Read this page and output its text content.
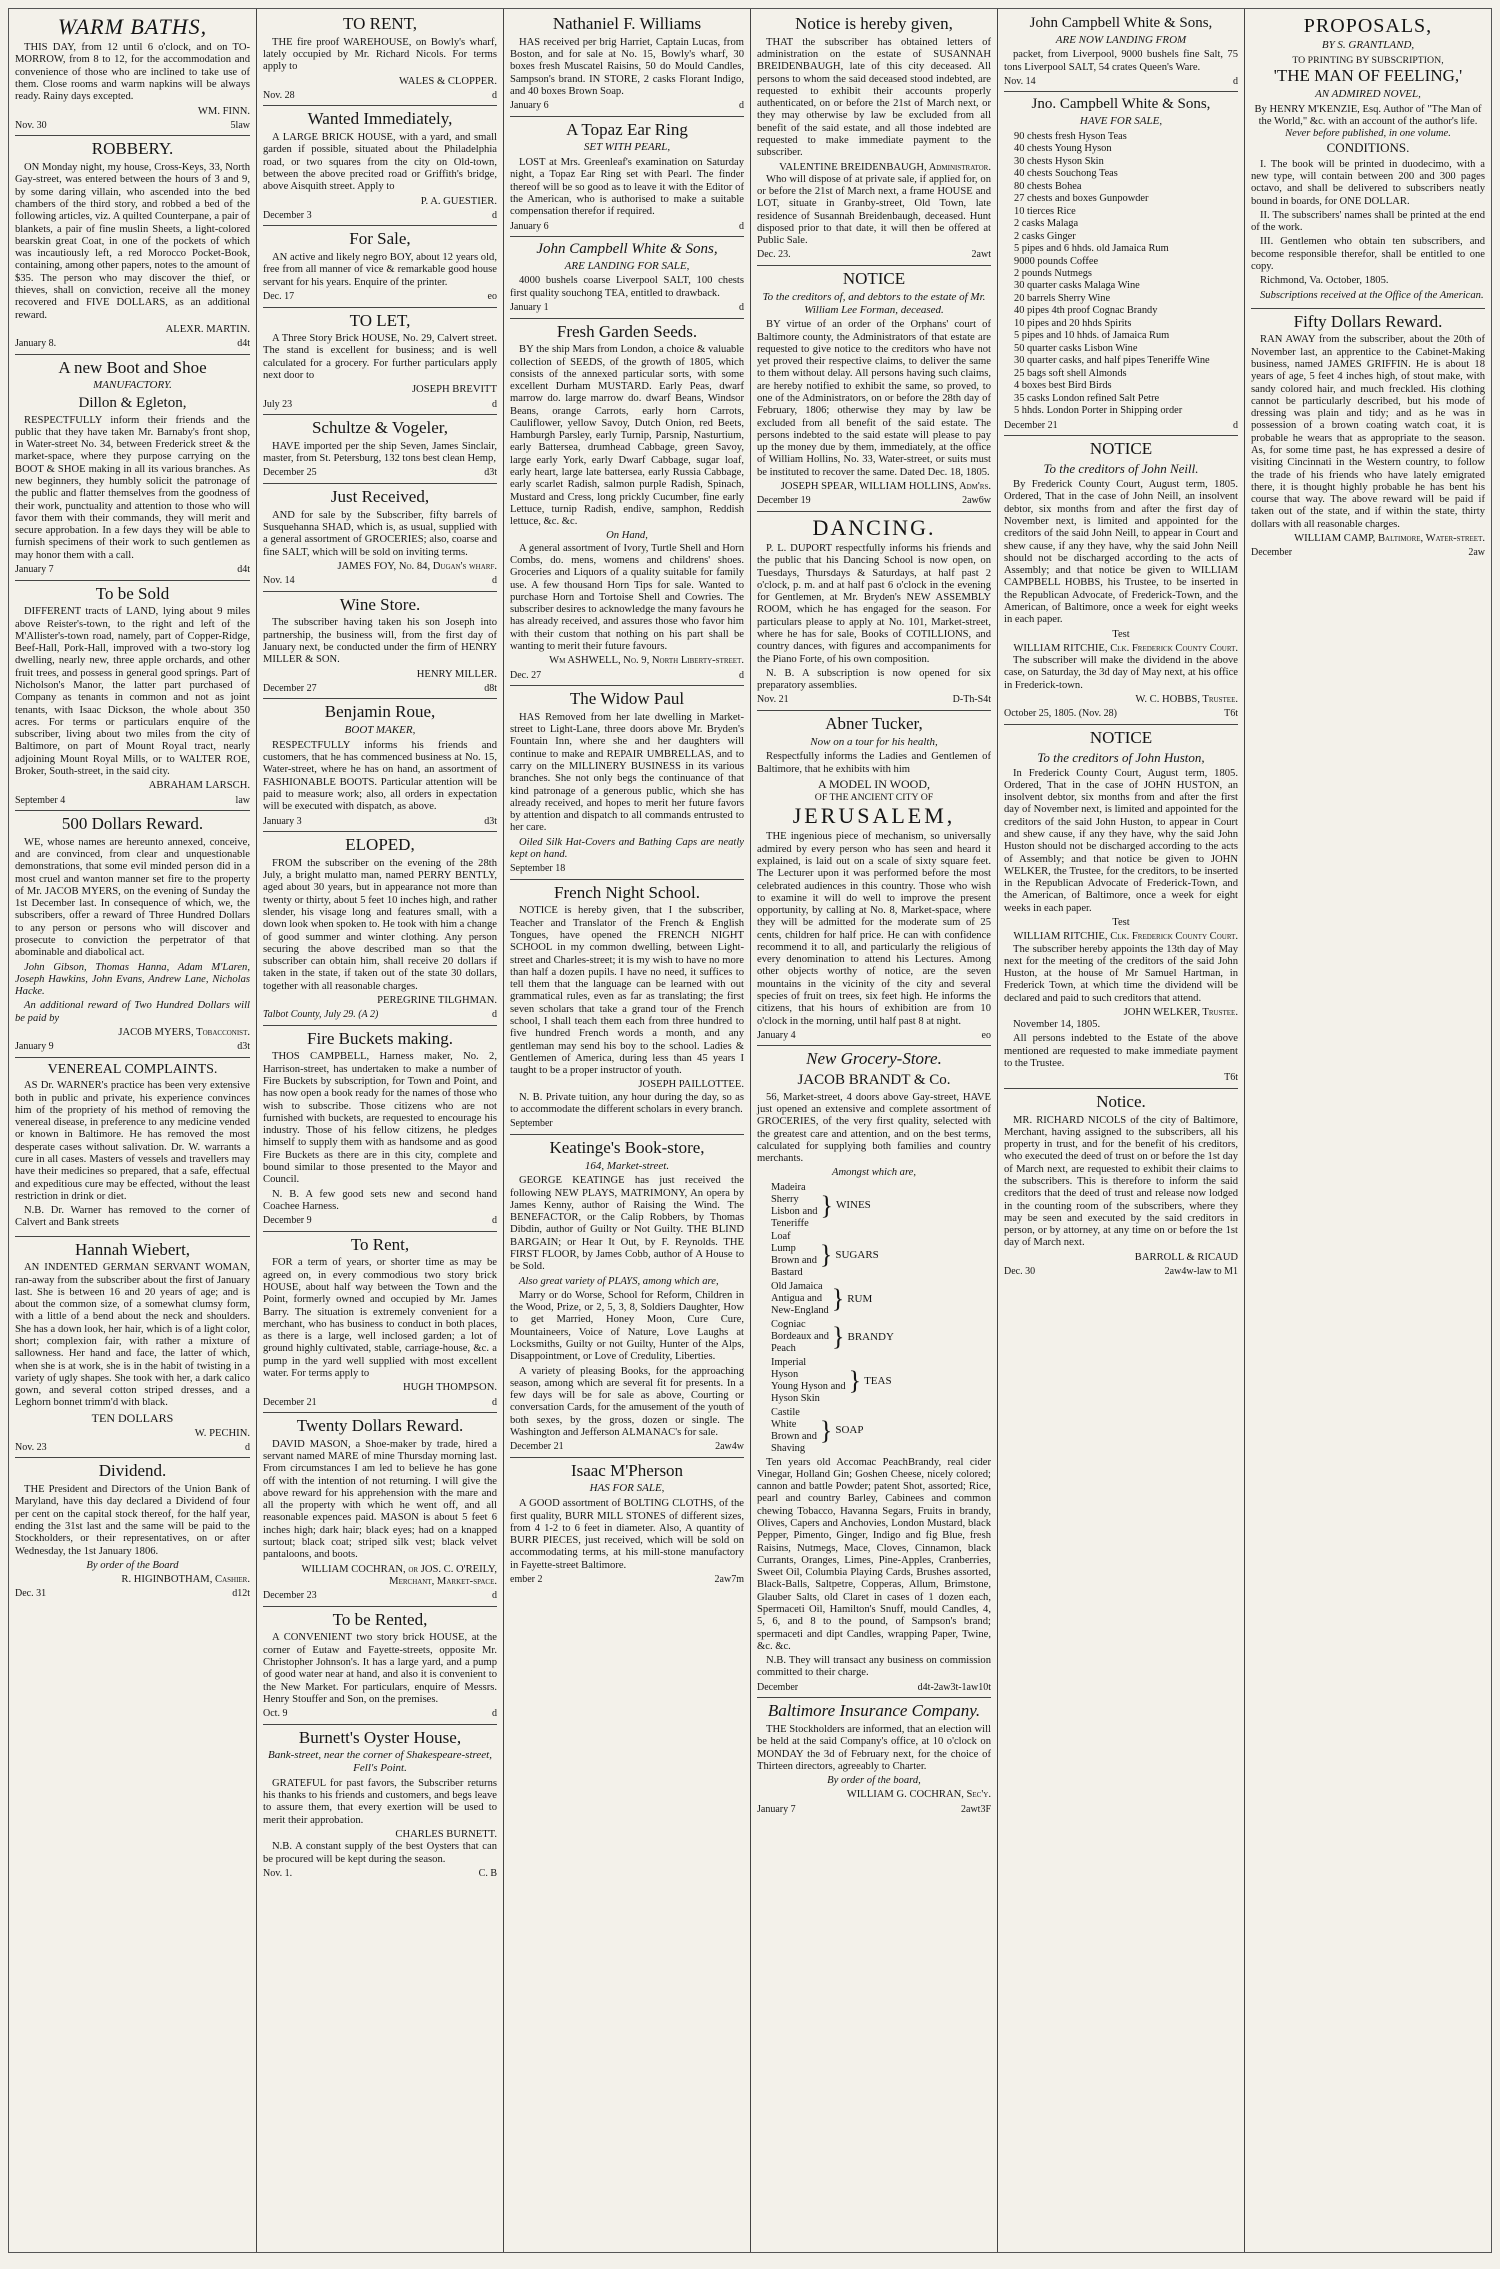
WARM BATHS,

THIS DAY, from 12 until 6 o'clock, and on TO-MORROW, from 8 to 12, for the accommodation and convenience of those who are inclined to take use of them. Close rooms and warm napkins will be always ready. Rainy days excepted.

WM. FINN.
Nov. 30	5law
ROBBERY.

ON Monday night, my house, Cross-Keys, 33, North Gay-street, was entered between the hours of 3 and 9, by some daring villain, who ascended into the bed chambers of the third story, and robbed a bed of the following articles, viz. A quilted Counterpane, a pair of blankets, a pair of fine muslin Sheets, a light-colored bearskin great Coat, in one of the pockets of which was incautiously left, a red Morocco Pocket-Book, containing, among other papers, notes to the amount of $35. The person who may discover the thief, or thieves, shall on conviction, receive all the money recovered and FIVE DOLLARS, as an additional reward.

ALEXR. MARTIN.
January 8.	d4t
A new Boot and Shoe
MANUFACTORY.
Dillon & Egleton,

RESPECTFULLY inform their friends and the public that they have taken Mr. Barnaby's front shop, in Water-street No. 34, between Frederick street & the market-space, where they purpose carrying on the BOOT & SHOE making in all its various branches. As new beginners, they humbly solicit the patronage of the public and flatter themselves from the goodness of their work, punctuality and attention to those who will favor them with their commands, they will merit and secure approbation. In a few days they will be able to furnish specimens of their work to such gentlemen as may honor them with a call.

January 7	d4t
To be Sold

DIFFERENT tracts of LAND, lying about 9 miles above Reister's-town, to the right and left of the M'Allister's-town road, namely, part of Copper-Ridge, Beef-Hall, Pork-Hall, improved with a two-story log dwelling, nearly new, three apple orchards, and other fruit trees, and possess in general good springs. Part of Nicholson's Manor, the latter part purchased of Company as tenants in common and not as joint tenants, with Isaac Dickson, the whole about 350 acres. For terms or particulars enquire of the subscriber, living about two miles from the city of Baltimore, on part of Mount Royal tract, nearly adjoining Mount Royal Mills, or to WALTER ROE, Broker, South-street, in the said city.

ABRAHAM LARSCH.
September 4	law
500 Dollars Reward.

WE, whose names are hereunto annexed, conceive, and are convinced, from clear and unquestionable demonstrations, that some evil minded person did in a most cruel and wanton manner set fire to the property of Mr. JACOB MYERS, on the evening of Sunday the 1st December last. In consequence of which, we, the subscribers, offer a reward of Three Hundred Dollars to any person or persons who will discover and prosecute to conviction the perpetrator of that abominable and diabolical act.

John Gibson, Thomas Hanna, Adam M'Laren, Joseph Hawkins, John Evans, Andrew Lane, Nicholas Hacke.

An additional reward of Two Hundred Dollars will be paid by

JACOB MYERS, Tobacconist.
January 9	d3t
VENEREAL COMPLAINTS.

AS Dr. WARNER's practice has been very extensive both in public and private, his experience convinces him of the propriety of his method of removing the venereal disease, in preference to any medicine vended or known in Baltimore. He has removed the most desperate cases without salivation. Dr. W. warrants a cure in all cases. Masters of vessels and travellers may have their medicines so prepared, that a safe, effectual and expeditious cure may be effected, without the least restriction in drink or diet.

N.B. Dr. Warner has removed to the corner of Calvert and Bank streets

Hannah Wiebert,

AN INDENTED GERMAN SERVANT WOMAN, ran-away from the subscriber about the first of January last. She is between 16 and 20 years of age; and is about the common size, of a somewhat clumsy form, with a little of a bend about the neck and shoulders. She has a down look, her hair, which is of a light color, short; complexion fair, with rather a mixture of sallowness. Her hand and face, the latter of which, when she is at work, she is in the habit of twisting in a variety of ugly shapes. She took with her, a dark calico gown, and several cotton striped dresses, and a Leghorn bonnet trimm'd with black.

TEN DOLLARS
W. PECHIN.
Nov. 23	d
Dividend.

THE President and Directors of the Union Bank of Maryland, have this day declared a Dividend of four per cent on the capital stock thereof, for the half year, ending the 31st last and the same will be paid to the Stockholders, or their representatives, on or after Wednesday, the 1st January 1806.

By order of the Board
R. HIGINBOTHAM, Cashier.
Dec. 31	d12t
TO RENT,

THE fire proof WAREHOUSE, on Bowly's wharf, lately occupied by Mr. Richard Nicols. For terms apply to

WALES & CLOPPER.
Nov. 28	d
Wanted Immediately,

A LARGE BRICK HOUSE, with a yard, and small garden if possible, situated about the Philadelphia road, or two squares from the city on Old-town, between the above precited road or Griffith's bridge, above Aisquith street. Apply to

P. A. GUESTIER.
December 3	d
For Sale,

AN active and likely negro BOY, about 12 years old, free from all manner of vice & remarkable good house servant for his years. Enquire of the printer.

Dec. 17	eo
TO LET,

A Three Story Brick HOUSE, No. 29, Calvert street. The stand is excellent for business; and is well calculated for a grocery. For further particulars apply next door to

JOSEPH BREVITT
July 23	d
Schultze & Vogeler,

HAVE imported per the ship Seven, James Sinclair, master, from St. Petersburg, 132 tons best clean Hemp,

December 25	d3t
Just Received,

AND for sale by the Subscriber, fifty barrels of Susquehanna SHAD, which is, as usual, supplied with a general assortment of GROCERIES; also, coarse and fine SALT, which will be sold on inviting terms.

JAMES FOY, No. 84, Dugan's wharf.
Nov. 14	d
Wine Store.

The subscriber having taken his son Joseph into partnership, the business will, from the first day of January next, be conducted under the firm of HENRY MILLER & SON.

HENRY MILLER.
December 27	d8t
Benjamin Roue,
BOOT MAKER,

RESPECTFULLY informs his friends and customers, that he has commenced business at No. 15, Water-street, where he has on hand, an assortment of FASHIONABLE BOOTS. Particular attention will be paid to measure work; also, all orders in expectation will be executed with dispatch, as above.

January 3	d3t
ELOPED,

FROM the subscriber on the evening of the 28th July, a bright mulatto man, named PERRY BENTLY, aged about 30 years, but in appearance not more than twenty or thirty, about 5 feet 10 inches high, and rather slender, his visage long and features small, with a down look when spoken to. He took with him a change of good summer and winter clothing. Any person securing the above described man so that the subscriber can obtain him, shall receive 20 dollars if taken in the state, if taken out of the state 30 dollars, together with all reasonable charges.

PEREGRINE TILGHMAN.
Talbot County, July 29. (A 2)	d
Fire Buckets making.

THOS CAMPBELL, Harness maker, No. 2, Harrison-street, has undertaken to make a number of Fire Buckets by subscription, for Town and Point, and has now open a book ready for the names of those who wish to subscribe. Those citizens who are not furnished with buckets, are requested to encourage his industry. Those of his fellow citizens, he pledges himself to supply them with as handsome and as good Fire Buckets as there are in this city, complete and bound similar to those presented to the Mayor and Council.

N. B. A few good sets new and second hand Coachee Harness.

December 9	d
To Rent,

FOR a term of years, or shorter time as may be agreed on, in every commodious two story brick HOUSE, about half way between the Town and the Point, formerly owned and occupied by Mr. James Barry. The situation is extremely convenient for a merchant, who has business to conduct in both places, as there is a large, well inclosed garden; a lot of ground highly cultivated, stable, carriage-house, &c. a pump in the yard well supplied with most excellent water. For terms apply to

HUGH THOMPSON.
December 21	d
Twenty Dollars Reward.

DAVID MASON, a Shoe-maker by trade, hired a servant named MARE of mine Thursday morning last. From circumstances I am led to believe he has gone off with the intention of not returning. I will give the above reward for his apprehension with the mare and all the property with which he went off, and all reasonable expences paid. MASON is about 5 feet 6 inches high; dark hair; black eyes; had on a knapped surtout; black coat; striped silk vest; black velvet pantaloons, and boots.

WILLIAM COCHRAN, or JOS. C. O'REILY, Merchant, Market-space.
December 23	d
To be Rented,

A CONVENIENT two story brick HOUSE, at the corner of Eutaw and Fayette-streets, opposite Mr. Christopher Johnson's. It has a large yard, and a pump of good water near at hand, and also it is convenient to the New Market. For particulars, enquire of Messrs. Henry Stouffer and Son, on the premises.

Oct. 9	d
Burnett's Oyster House,
Bank-street, near the corner of Shakespeare-street, Fell's Point.

GRATEFUL for past favors, the Subscriber returns his thanks to his friends and customers, and begs leave to assure them, that every exertion will be used to merit their approbation.

CHARLES BURNETT.

N.B. A constant supply of the best Oysters that can be procured will be kept during the season.

Nov. 1.	C. B
Nathaniel F. Williams

HAS received per brig Harriet, Captain Lucas, from Boston, and for sale at No. 15, Bowly's wharf, 30 boxes fresh Muscatel Raisins, 50 do Mould Candles, Sampson's brand. IN STORE, 2 casks Florant Indigo, and 40 boxes Brown Soap.

January 6	d
A Topaz Ear Ring
SET WITH PEARL,

LOST at Mrs. Greenleaf's examination on Saturday night, a Topaz Ear Ring set with Pearl. The finder thereof will be so good as to leave it with the Editor of the American, who is authorised to make a suitable compensation therefor if required.

January 6	d
John Campbell White & Sons,
ARE LANDING FOR SALE,

4000 bushels coarse Liverpool SALT, 100 chests first quality souchong TEA, entitled to drawback.

January 1	d
Fresh Garden Seeds.

BY the ship Mars from London, a choice & valuable collection of SEEDS, of the growth of 1805, which consists of the annexed particular sorts, with some excellent Durham MUSTARD. Early Peas, dwarf marrow do. large marrow do. dwarf Beans, Windsor Beans, orange Carrots, early horn Carrots, Cauliflower, yellow Savoy, Dutch Onion, red Beets, Hamburgh Parsley, early Turnip, Parsnip, Nasturtium, early Battersea, drumhead Cabbage, green Savoy, large early York, early Dwarf Cabbage, sugar loaf, early heart, large late battersea, early Russia Cabbage, early scarlet Radish, salmon purple Radish, Spinach, Mustard and Cress, long prickly Cucumber, fine early Lettuce, turnip Radish, endive, samphon, Reddish lettuce, &c. &c.

On Hand,

A general assortment of Ivory, Turtle Shell and Horn Combs, do. mens, womens and childrens' shoes. Groceries and Liquors of a quality suitable for family use. A few thousand Horn Tips for sale. Wanted to purchase Horn and Tortoise Shell and Cowries. The subscriber desires to acknowledge the many favours he has already received, and assures those who favor him with their custom that nothing on his part shall be wanting to merit their future favours.

Wm ASHWELL, No. 9, North Liberty-street.
Dec. 27	d
The Widow Paul

HAS Removed from her late dwelling in Market-street to Light-Lane, three doors above Mr. Bryden's Fountain Inn, where she and her daughters will continue to make and REPAIR UMBRELLAS, and to carry on the MILLINERY BUSINESS in its various branches. She not only begs the continuance of that kind patronage of a generous public, which she has already received, and hopes to merit her future favors by attention and dispatch to all commands entrusted to her care.

Oiled Silk Hat-Covers and Bathing Caps are neatly kept on hand.

September 18
French Night School.

NOTICE is hereby given, that I the subscriber, Teacher and Translator of the French & English Tongues, have opened the FRENCH NIGHT SCHOOL in my common dwelling, between Light-street and Charles-street; it is my wish to have no more than half a dozen pupils. I have no need, it suffices to tell them that the language can be learned with out grammatical rules, even as far as translating; the first seven scholars that take a grand tour of the French school, I shall teach them each from three hundred to five hundred French words a month, and any gentleman may send his boy to the school. Ladies & Gentlemen of America, during less than 45 years I taught to be a proper instructor of youth.

JOSEPH PAILLOTTEE.

N. B. Private tuition, any hour during the day, so as to accommodate the different scholars in every branch.

September
Keatinge's Book-store,
164, Market-street.

GEORGE KEATINGE has just received the following NEW PLAYS, MATRIMONY, An opera by James Kenny, author of Raising the Wind. The BENEFACTOR, or the Calip Robbers, by Thomas Dibdin, author of Guilty or Not Guilty. THE BLIND BARGAIN; or Hear It Out, by F. Reynolds. THE FIRST FLOOR, by James Cobb, author of A House to be Sold.

Also great variety of PLAYS, among which are,

Marry or do Worse, School for Reform, Children in the Wood, Prize, or 2, 5, 3, 8, Soldiers Daughter, How to get Married, Honey Moon, Cure Cure, Mountaineers, Voice of Nature, Love Laughs at Locksmiths, Guilty or not Guilty, Hunter of the Alps, Disappointment, or Love of Credulity, Liberties.

A variety of pleasing Books, for the approaching season, among which are several fit for presents. In a few days will be for sale as above, Courting or conversation Cards, for the amusement of the youth of both sexes, by the gross, dozen or single. The Washington and Jefferson ALMANAC's for sale.

December 21	2aw4w
Isaac M'Pherson
HAS FOR SALE,

A GOOD assortment of BOLTING CLOTHS, of the first quality, BURR MILL STONES of different sizes, from 4 1-2 to 6 feet in diameter. Also, A quantity of BURR PIECES, just received, which will be sold on accommodating terms, at his mill-stone manufactory in Fayette-street Baltimore.

ember 2	2aw7m
Notice is hereby given,

THAT the subscriber has obtained letters of administration on the estate of SUSANNAH BREIDENBAUGH, late of this city deceased. All persons to whom the said deceased stood indebted, are requested to exhibit their accounts properly authenticated, on or before the 21st of March next, or they may otherwise by law be excluded from all benefit of the said estate, and all those indebted are requested to make immediate payment to the subscriber.

VALENTINE BREIDENBAUGH, Administrator.

Who will dispose of at private sale, if applied for, on or before the 21st of March next, a frame HOUSE and LOT, situate in Granby-street, Old Town, late residence of Susannah Breidenbaugh, deceased. Hunt disposed prior to that date, it will then be offered at Public Sale.

Dec. 23.	2awt
NOTICE
To the creditors of, and debtors to the estate of Mr. William Lee Forman, deceased.

BY virtue of an order of the Orphans' court of Baltimore county, the Administrators of that estate are requested to give notice to the creditors who have not yet proved their respective claims, to deliver the same to them without delay. All persons having such claims, are hereby notified to exhibit the same, so proved, to one of the Administrators, on or before the 28th day of February, 1806; otherwise they may by law be excluded from all benefit of the said estate. The persons indebted to the said estate will please to pay up the money due by them, immediately, at the office of William Hollins, No. 33, Water-street, or suits must be instituted to recover the same. Dated Dec. 18, 1805.

JOSEPH SPEAR, WILLIAM HOLLINS, Adm'rs.
December 19	2aw6w
DANCING.

P. L. DUPORT respectfully informs his friends and the public that his Dancing School is now open, on Tuesdays, Thursdays & Saturdays, at half past 2 o'clock, p. m. and at half past 6 o'clock in the evening for Gentlemen, at Mr. Bryden's NEW ASSEMBLY ROOM, which he has engaged for the season. For particulars please to apply at No. 101, Market-street, where he has for sale, Books of COTILLIONS, and country dances, with figures and accompaniments for the Piano Forte, of his own composition.

N. B. A subscription is now opened for six preparatory assemblies.

Nov. 21	D-Th-S4t
Abner Tucker,
Now on a tour for his health,

Respectfully informs the Ladies and Gentlemen of Baltimore, that he exhibits with him

A MODEL IN WOOD,
OF THE ANCIENT CITY OF
JERUSALEM,

THE ingenious piece of mechanism, so universally admired by every person who has seen and heard it explained, is laid out on a scale of sixty square feet. The Lecturer upon it was performed before the most celebrated audiences in this country. Those who wish to examine it will do well to improve the present opportunity, by calling at No. 8, Market-space, where they will be admitted for the moderate sum of 25 cents, children for half price. He can with confidence recommend it to all, and particularly the religious of every denomination to attend his Lectures. Among other objects worthy of notice, are the seven mountains in the vicinity of the city and several species of fruit on trees, six feet high. He informs the citizens, that his hours of exhibition are from 10 o'clock in the morning, until half past 8 at night.

January 4	eo
New Grocery-Store.
JACOB BRANDT & Co.

56, Market-street, 4 doors above Gay-street, HAVE just opened an extensive and complete assortment of GROCERIES, of the very first quality, selected with the greatest care and attention, and on the best terms, calculated for supplying both families and country merchants.

Amongst which are,
Madeira
Sherry
Lisbon and
Teneriffe
} WINES
Loaf
Lump
Brown and
Bastard
} SUGARS
Old Jamaica
Antigua and
New-England } RUM
Cogniac
Bordeaux and
Peach	} BRANDY
Imperial
Hyson
Young Hyson and
Hyson Skin
} TEAS
Castile
White
Brown and
Shaving
} SOAP

Ten years old Accomac PeachBrandy, real cider Vinegar, Holland Gin; Goshen Cheese, nicely colored; cannon and battle Powder; patent Shot, assorted; Rice, pearl and country Barley, Cabinees and common chewing Tobacco, Havanna Segars, Fruits in brandy, Olives, Capers and Anchovies, London Mustard, black Pepper, Pimento, Ginger, Indigo and fig Blue, fresh Raisins, Nutmegs, Mace, Cloves, Cinnamon, black Currants, Oranges, Limes, Pine-Apples, Cranberries, Sweet Oil, Columbia Playing Cards, Brushes assorted, Black-Balls, Saltpetre, Copperas, Allum, Brimstone, Glauber Salts, old Claret in cases of 1 dozen each, Spermaceti Oil, Hamilton's Snuff, mould Candles, 4, 5, 6, and 8 to the pound, of Sampson's brand; spermaceti and dipt Candles, wrapping Paper, Twine, &c. &c.

N.B. They will transact any business on commission committed to their charge.

December	d4t-2aw3t-1aw10t
Baltimore Insurance Company.

THE Stockholders are informed, that an election will be held at the said Company's office, at 10 o'clock on MONDAY the 3d of February next, for the choice of Thirteen directors, agreeably to Charter.

By order of the board,
WILLIAM G. COCHRAN, Sec'y.
January 7	2awt3F
John Campbell White & Sons,
ARE NOW LANDING FROM

packet, from Liverpool, 9000 bushels fine Salt, 75 tons Liverpool SALT, 54 crates Queen's Ware.

Nov. 14	d
Jno. Campbell White & Sons,
HAVE FOR SALE,
90 chests fresh Hyson Teas
40 chests Young Hyson
30 chests Hyson Skin
40 chests Souchong Teas
80 chests Bohea
27 chests and boxes Gunpowder
10 tierces Rice
2 casks Malaga
2 casks Ginger
5 pipes and 6 hhds. old Jamaica Rum
9000 pounds Coffee
2 pounds Nutmegs
30 quarter casks Malaga Wine
20 barrels Sherry Wine
40 pipes 4th proof Cognac Brandy
10 pipes and 20 hhds Spirits
5 pipes and 10 hhds. of Jamaica Rum
50 quarter casks Lisbon Wine
30 quarter casks, and half pipes Teneriffe Wine
25 bags soft shell Almonds
4 boxes best Bird Birds
35 casks London refined Salt Petre
5 hhds. London Porter in Shipping order
December 21	d
NOTICE
To the creditors of John Neill.

By Frederick County Court, August term, 1805. Ordered, That in the case of John Neill, an insolvent debtor, six months from and after the first day of November next, is limited and appointed for the creditors of the said John Neill, to appear in Court and shew cause, if any they have, why the said John Neill should not be discharged according to the acts of Assembly; and that notice be given to WILLIAM CAMPBELL HOBBS, his Trustee, to be inserted in the Republican Advocate, of Frederick-Town, and the American, of Baltimore, once a week for eight weeks in each paper.

Test
WILLIAM RITCHIE, Clk. Frederick County Court.

The subscriber will make the dividend in the above case, on Saturday, the 3d day of May next, at his office in Frederick-town.

W. C. HOBBS, Trustee.
October 25, 1805. (Nov. 28)	T6t
NOTICE
To the creditors of John Huston,

In Frederick County Court, August term, 1805. Ordered, That in the case of JOHN HUSTON, an insolvent debtor, six months from and after the first day of November next, is limited and appointed for the creditors of the said John Huston, to appear in Court and shew cause, if any they have, why the said John Huston should not be discharged according to the acts of Assembly; and that notice be given to JOHN WELKER, the Trustee, for the creditors, to be inserted in the Republican Advocate of Frederick-Town, and the American, of Baltimore, once a week for eight weeks in each paper.

Test
WILLIAM RITCHIE, Clk. Frederick County Court.

The subscriber hereby appoints the 13th day of May next for the meeting of the creditors of the said John Huston, at the house of Mr Samuel Hartman, in Frederick Town, at which time the dividend will be declared and paid to such creditors that attend.

JOHN WELKER, Trustee.

November 14, 1805.

All persons indebted to the Estate of the above mentioned are requested to make immediate payment to the Trustee.

T6t
Notice.

MR. RICHARD NICOLS of the city of Baltimore, Merchant, having assigned to the subscribers, all his property in trust, and for the benefit of his creditors, who executed the deed of trust on or before the 1st day of March next, are requested to exhibit their claims to the subscribers. This is therefore to inform the said creditors that the deed of trust and release now lodged in the counting room of the subscribers, where they may be seen and executed by the said creditors in person, or by attorney, at any time on or before the 1st day of March next.

BARROLL & RICAUD
Dec. 30	2aw4w-law to M1
PROPOSALS,
BY S. GRANTLAND,
TO PRINTING BY SUBSCRIPTION,
'THE MAN OF FEELING,'
AN ADMIRED NOVEL,
By HENRY M'KENZIE, Esq. Author of "The Man of the World," &c. with an account of the author's life.
Never before published, in one volume.
CONDITIONS.

I. The book will be printed in duodecimo, with a new type, will contain between 200 and 300 pages octavo, and shall be delivered to subscribers neatly bound in boards, for ONE DOLLAR.

II. The subscribers' names shall be printed at the end of the work.

III. Gentlemen who obtain ten subscribers, and become responsible therefor, shall be entitled to one copy.

Richmond, Va. October, 1805.

Subscriptions received at the Office of the American.

Fifty Dollars Reward.

RAN AWAY from the subscriber, about the 20th of November last, an apprentice to the Cabinet-Making business, named JAMES GRIFFIN. He is about 18 years of age, 5 feet 4 inches high, of stout make, with sandy colored hair, and much freckled. His clothing cannot be particularly described, but his mode of dressing was plain and tidy; and as he was in possession of a brown coating watch coat, it is probable he wears that as appropriate to the season. As, for some time past, he has expressed a desire of visiting Cincinnati in the Western country, to follow the trade of his friends who have lately emigrated there, it is thought highly probable he has bent his course that way. The above reward will be paid if taken out of the state, and if within the state, thirty dollars with all reasonable charges.

WILLIAM CAMP, Baltimore, Water-street.
December	2aw
